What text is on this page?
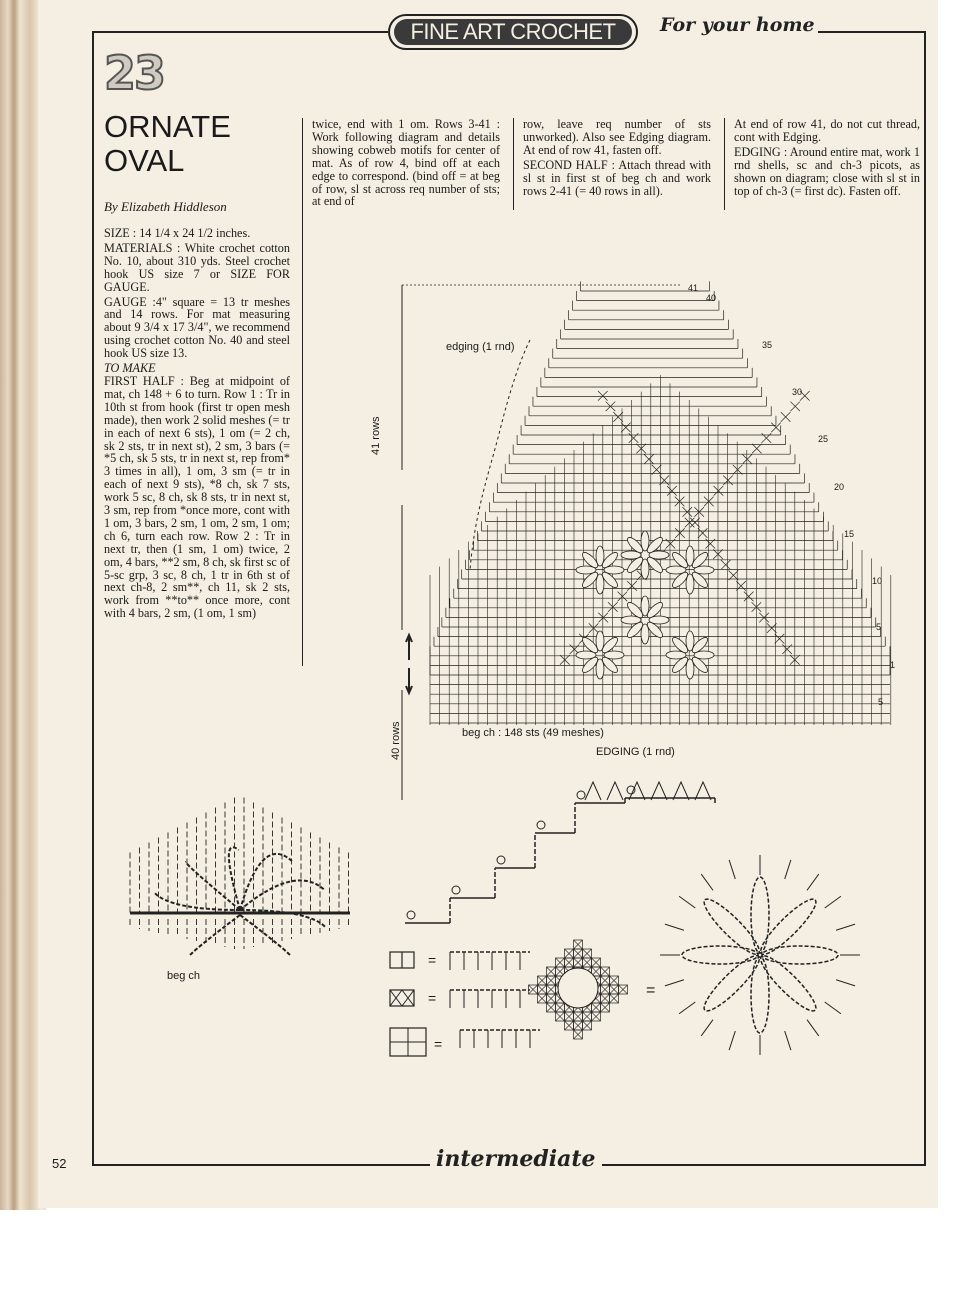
FINE ART CROCHET For your home
23
ORNATE
OVAL
By Elizabeth Hiddleson

SIZE : 14 1/4 x 24 1/2 inches.

MATERIALS : White crochet cotton No. 10, about 310 yds. Steel crochet hook US size 7 or SIZE FOR GAUGE.

GAUGE :4" square = 13 tr meshes and 14 rows. For mat measuring about 9 3/4 x 17 3/4", we recommend using crochet cotton No. 40 and steel hook US size 13.

TO MAKE

FIRST HALF : Beg at midpoint of mat, ch 148 + 6 to turn. Row 1 : Tr in 10th st from hook (first tr open mesh made), then work 2 solid meshes (= tr in each of next 6 sts), 1 om (= 2 ch, sk 2 sts, tr in next st), 2 sm, 3 bars (= *5 ch, sk 5 sts, tr in next st, rep from* 3 times in all), 1 om, 3 sm (= tr in each of next 9 sts), *8 ch, sk 7 sts, work 5 sc, 8 ch, sk 8 sts, tr in next st, 3 sm, rep from *once more, cont with 1 om, 3 bars, 2 sm, 1 om, 2 sm, 1 om; ch 6, turn each row. Row 2 : Tr in next tr, then (1 sm, 1 om) twice, 2 om, 4 bars, **2 sm, 8 ch, sk first sc of 5-sc grp, 3 sc, 8 ch, 1 tr in 6th st of next ch-8, 2 sm**, ch 11, sk 2 sts, work from **to** once more, cont with 4 bars, 2 sm, (1 om, 1 sm)

twice, end with 1 om. Rows 3-41 : Work following diagram and details showing cobweb motifs for center of mat. As of row 4, bind off at each edge to correspond. (bind off = at beg of row, sl st across req number of sts; at end of

row, leave req number of sts unworked). Also see Edging diagram. At end of row 41, fasten off.

SECOND HALF : Attach thread with sl st in first st of beg ch and work rows 2-41 (= 40 rows in all).

At end of row 41, do not cut thread, cont with Edging.

EDGING : Around entire mat, work 1 rnd shells, sc and ch-3 picots, as shown on diagram; close with sl st in top of ch-3 (= first dc). Fasten off.

edging (1 rnd)
41 rows
40 rows	beg ch : 148 sts (49 meshes)
EDGING (1 rnd)
beg ch
41
40
35
30
25
20
15
10
5
1
5
=
=
=
=
52	intermediate
